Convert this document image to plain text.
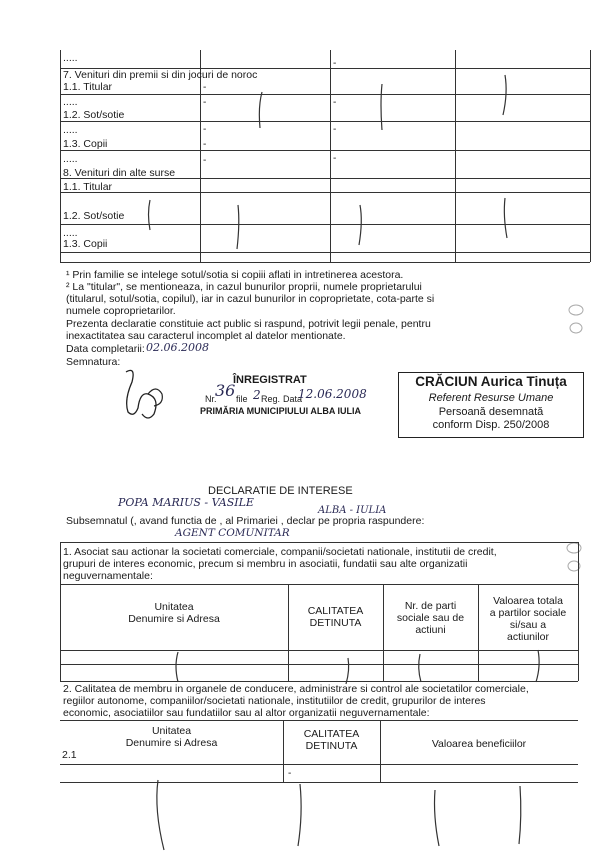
.....
7. Venituri din premii si din jocuri de noroc
1.1. Titular
.....
1.2. Sot/sotie
.....
1.3. Copii
.....
8. Venituri din alte surse
1.1. Titular
1.2. Sot/sotie
.....
1.3. Copii
-
-
-	-
-
-
-
-
-
¹ Prin familie se intelege sotul/sotia si copiii aflati in intretinerea acestora.
² La "titular", se mentioneaza, in cazul bunurilor proprii, numele proprietarului
(titularul, sotul/sotia, copilul), iar in cazul bunurilor in coproprietate, cota-parte si
numele coproprietarilor.
Prezenta declaratie constituie act public si raspund, potrivit legii penale, pentru
inexactitatea sau caracterul incomplet al datelor mentionate.
Data completarii: 02.06.2008
Semnatura:
ÎNREGISTRAT
Nr.
36 file 2 Reg. Data
12.06.2008
PRIMĂRIA MUNICIPIULUI ALBA IULIA
CRĂCIUN Aurica Tinuța
Referent Resurse Umane
Persoană desemnată
conform Disp. 250/2008
DECLARATIE DE INTERESE
POPA MARIUS - VASILE
ALBA - IULIA
Subsemnatul (, avand functia de , al Primariei , declar pe propria raspundere:
AGENT COMUNITAR
1. Asociat sau actionar la societati comerciale, companii/societati nationale, institutii de credit,
grupuri de interes economic, precum si membru in asociatii, fundatii sau alte organizatii
neguvernamentale:
Unitatea
Denumire si Adresa
CALITATEA
DETINUTA
Nr. de parti
sociale sau de
actiuni
Valoarea totala
a partilor sociale
si/sau a
actiunilor
2. Calitatea de membru in organele de conducere, administrare si control ale societatilor comerciale,
regiilor autonome, companiilor/societati nationale, institutiilor de credit, grupurilor de interes
economic, asociatiilor sau fundatiilor sau al altor organizatii neguvernamentale:
Unitatea
Denumire si Adresa
CALITATEA
DETINUTA	Valoarea beneficiilor
2.1
-
